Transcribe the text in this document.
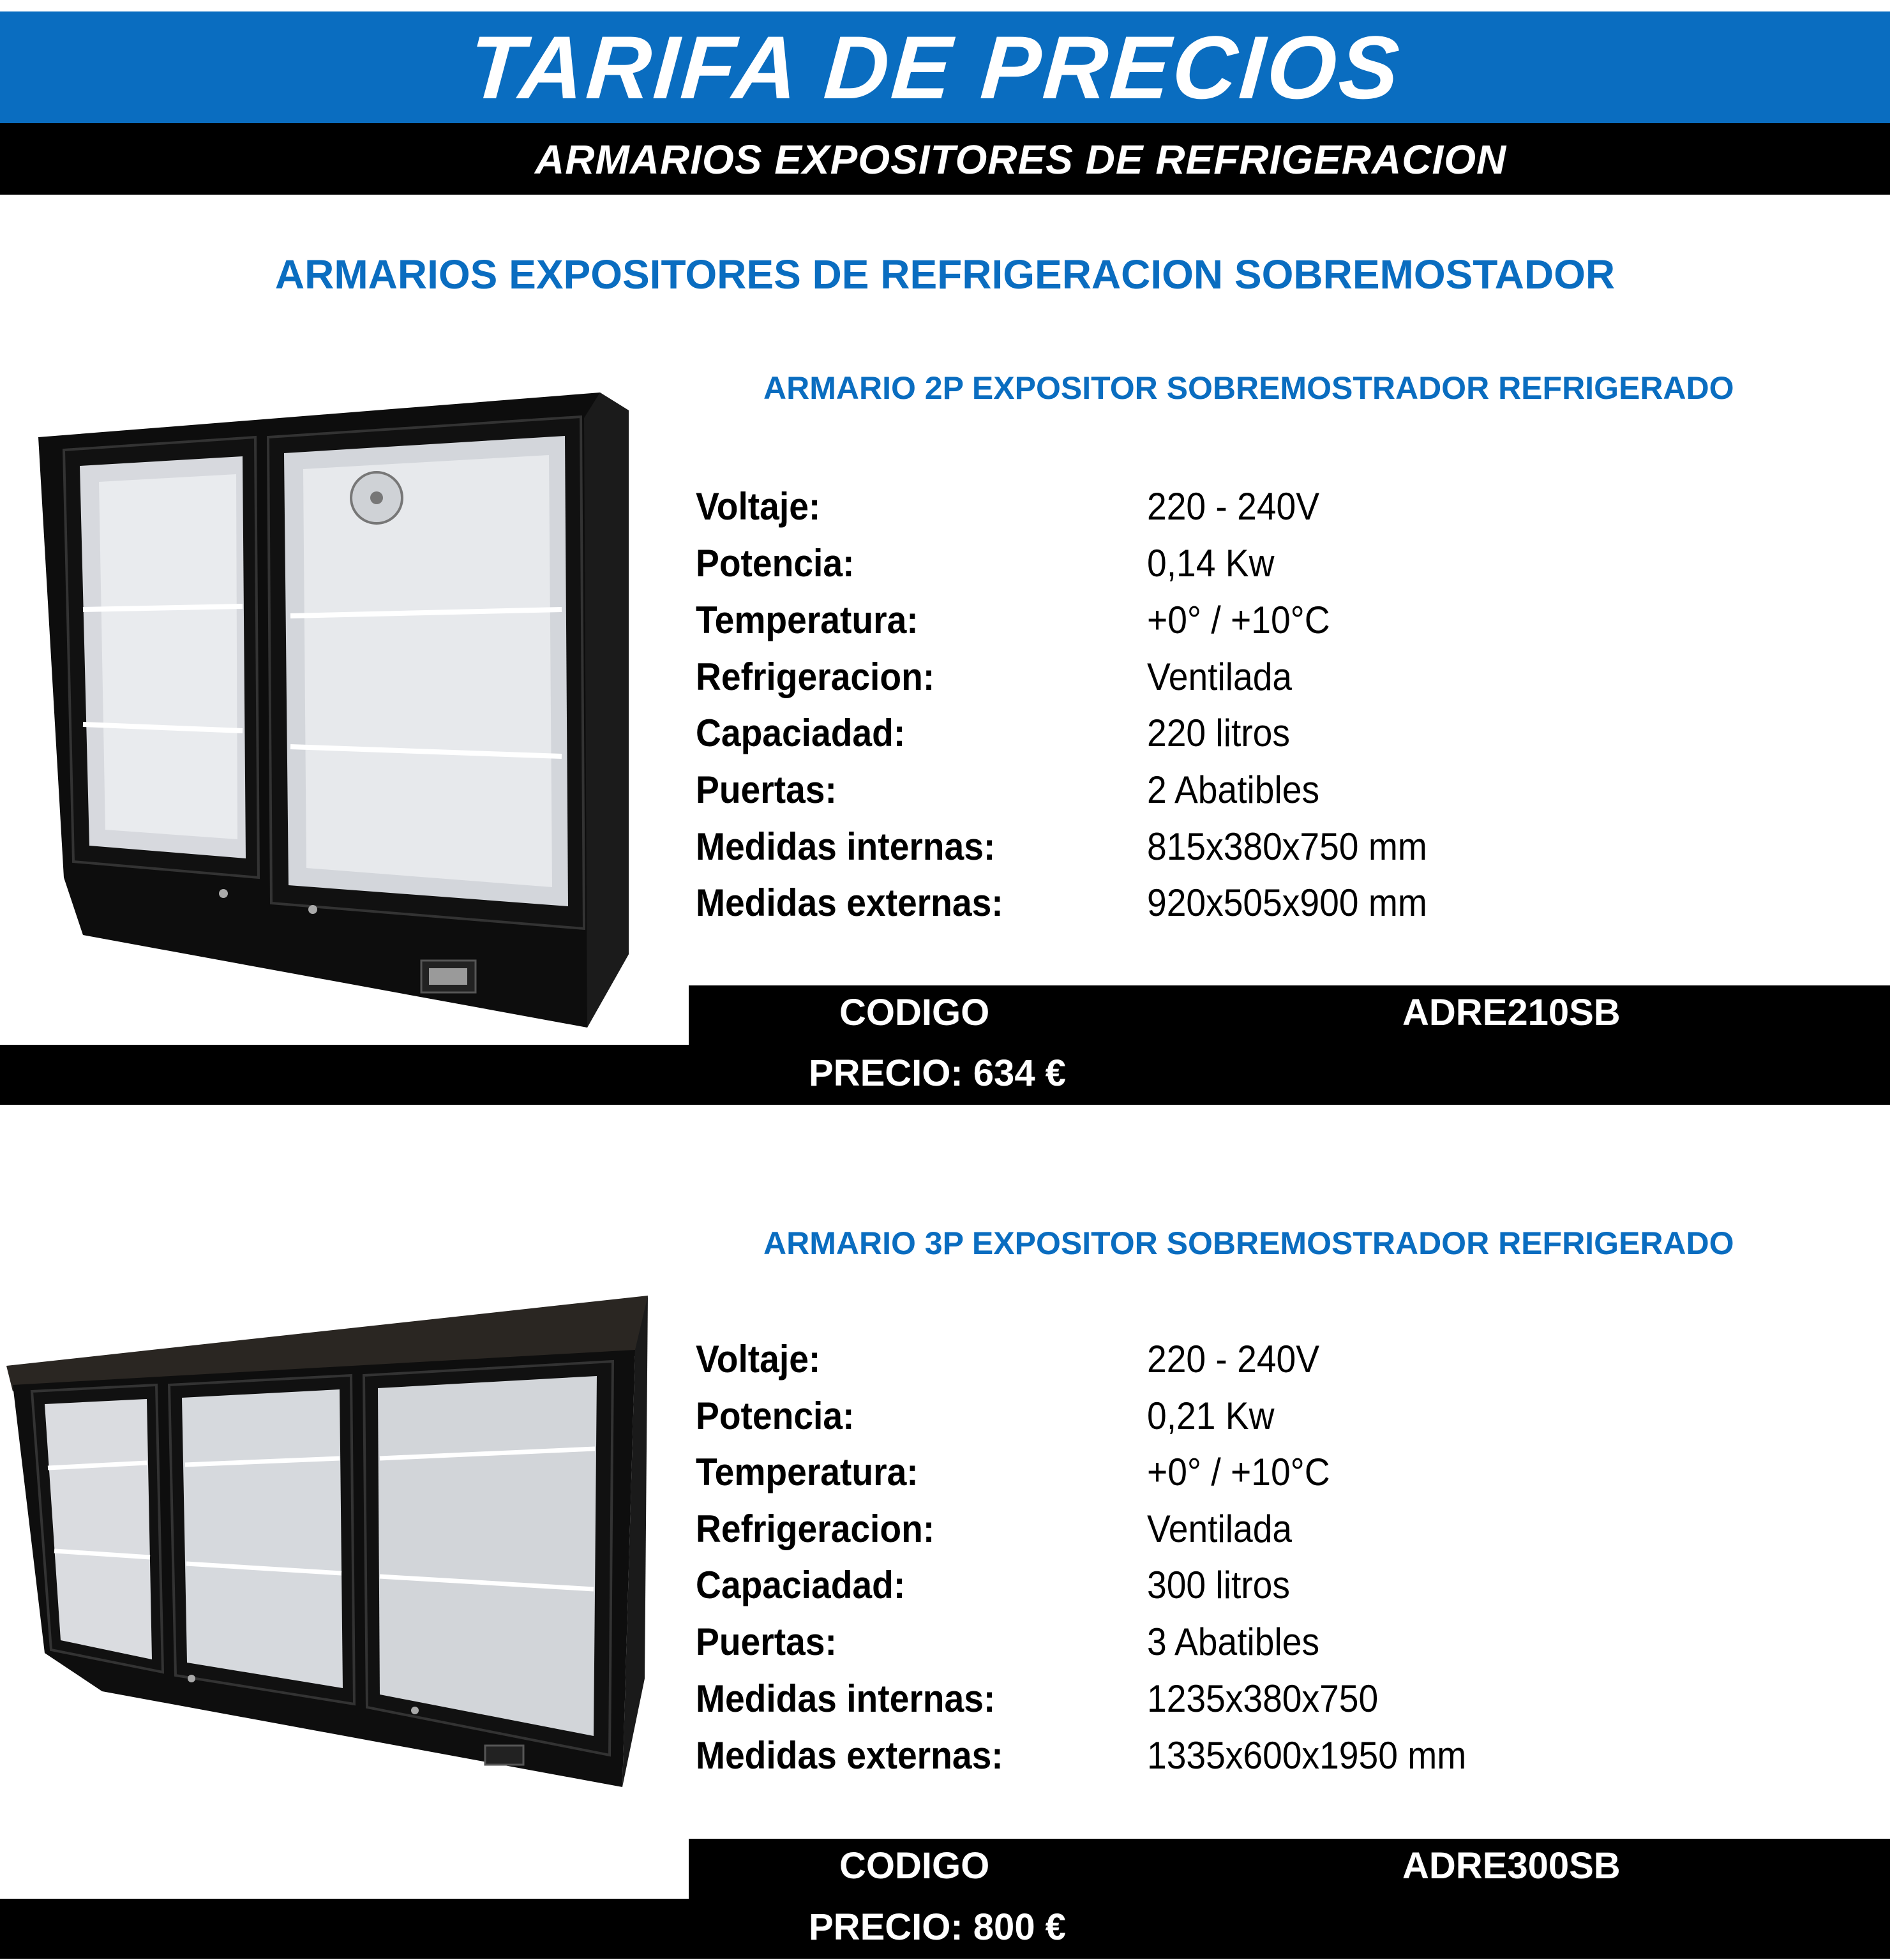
TARIFA DE PRECIOS
ARMARIOS EXPOSITORES DE REFRIGERACION
ARMARIOS EXPOSITORES DE REFRIGERACION SOBREMOSTADOR
ARMARIO 2P EXPOSITOR SOBREMOSTRADOR REFRIGERADO
Voltaje:	220 - 240V
Potencia:	0,14 Kw
Temperatura:	+0° / +10°C
Refrigeracion:	Ventilada
Capaciadad:	220 litros
Puertas:	2 Abatibles
Medidas internas:	815x380x750 mm
Medidas externas:	920x505x900 mm
CODIGO	ADRE210SB
PRECIO: 634 €
ARMARIO 3P EXPOSITOR SOBREMOSTRADOR REFRIGERADO
Voltaje:	220 - 240V
Potencia:	0,21 Kw
Temperatura:	+0° / +10°C
Refrigeracion:	Ventilada
Capaciadad:	300 litros
Puertas:	3 Abatibles
Medidas internas:	1235x380x750
Medidas externas:	1335x600x1950 mm
CODIGO	ADRE300SB
PRECIO: 800 €
